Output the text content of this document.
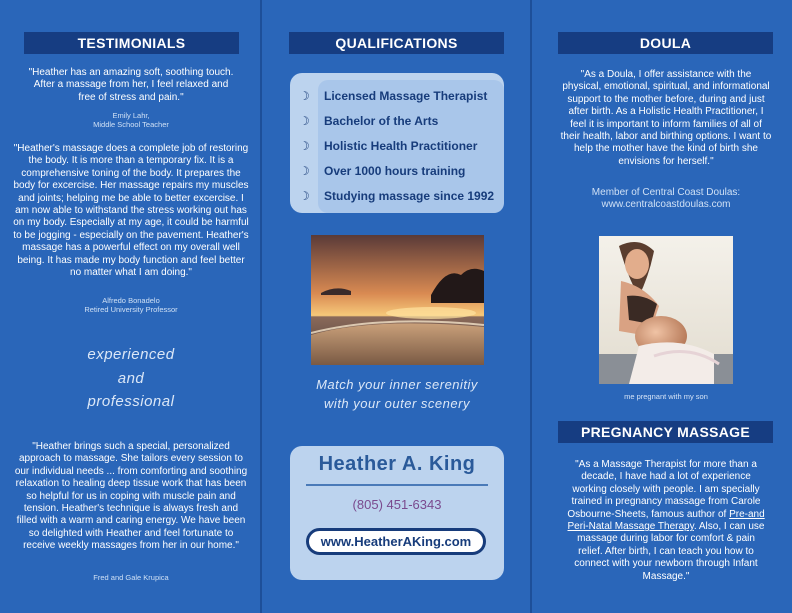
TESTIMONIALS
"Heather has an amazing soft, soothing touch. After a massage from her, I feel relaxed and free of stress and pain."
Emily Lahr,
Middle School Teacher
"Heather's massage does a complete job of restoring the body. It is more than a temporary fix. It is a comprehensive toning of the body. It prepares the body for excercise. Her massage repairs my muscles and joints; helping me be able to better excercise. I am now able to withstand the stress working out has on my body. Especially at my age, it could be harmful to be jogging - especially on the pavement. Heather's massage has a powerful effect on my overall well being. It has made my body function and feel better no matter what I am doing."
Alfredo Bonadelo
Retired University Professor
experienced
and
professional
"Heather brings such a special, personalized approach to massage. She tailors every session to our individual needs ... from comforting and soothing relaxation to healing deep tissue work that has been so helpful for us in coping with muscle pain and tension. Heather's technique is always fresh and filled with a warm and caring energy. We have been so delighted with Heather and feel fortunate to receive weekly massages from her in our home."
Fred and Gale Krupica
QUALIFICATIONS
☽ Licensed Massage Therapist
☽ Bachelor of the Arts
☽ Holistic Health Practitioner
☽ Over 1000 hours training
☽ Studying massage since 1992
Match your inner serenitiy
with your outer scenery
Heather A. King
(805) 451-6343
www.HeatherAKing.com
DOULA
"As a Doula, I offer assistance with the physical, emotional, spiritual, and informational support to the mother before, during and just after birth. As a Holistic Health Practitioner, I feel it is important to inform families of all of their health, labor and birthing options. I want to help the mother have the kind of birth she envisions for herself."
Member of Central Coast Doulas:
www.centralcoastdoulas.com
me pregnant with my son
PREGNANCY MASSAGE
"As a Massage Therapist for more than a decade, I have had a lot of experience working closely with people. I am specially trained in pregnancy massage from Carole Osbourne-Sheets, famous author of Pre-and Peri-Natal Massage Therapy. Also, I can use massage during labor for comfort & pain relief. After birth, I can teach you how to connect with your newborn through Infant Massage."
